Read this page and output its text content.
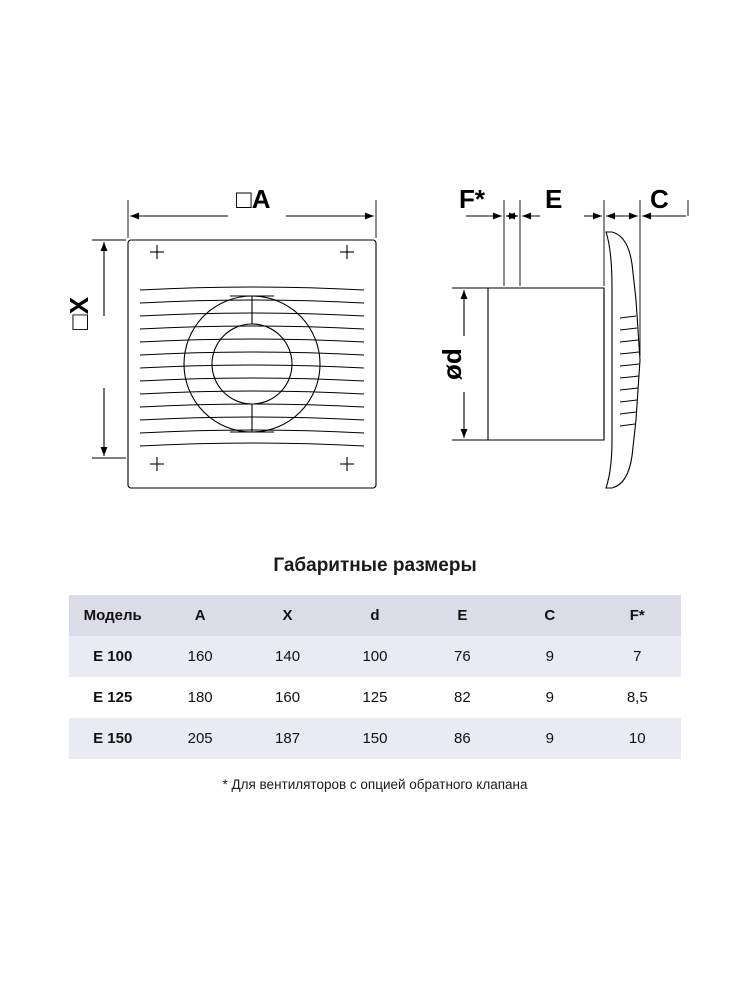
□A
□X
F* E	C
ød
Габаритные размеры
Модель	A	X	d	E	C	F*
E 100	160	140	100	76	9	7
E 125	180	160	125	82	9	8,5
E 150	205	187	150	86	9	10
* Для вентиляторов с опцией обратного клапана
